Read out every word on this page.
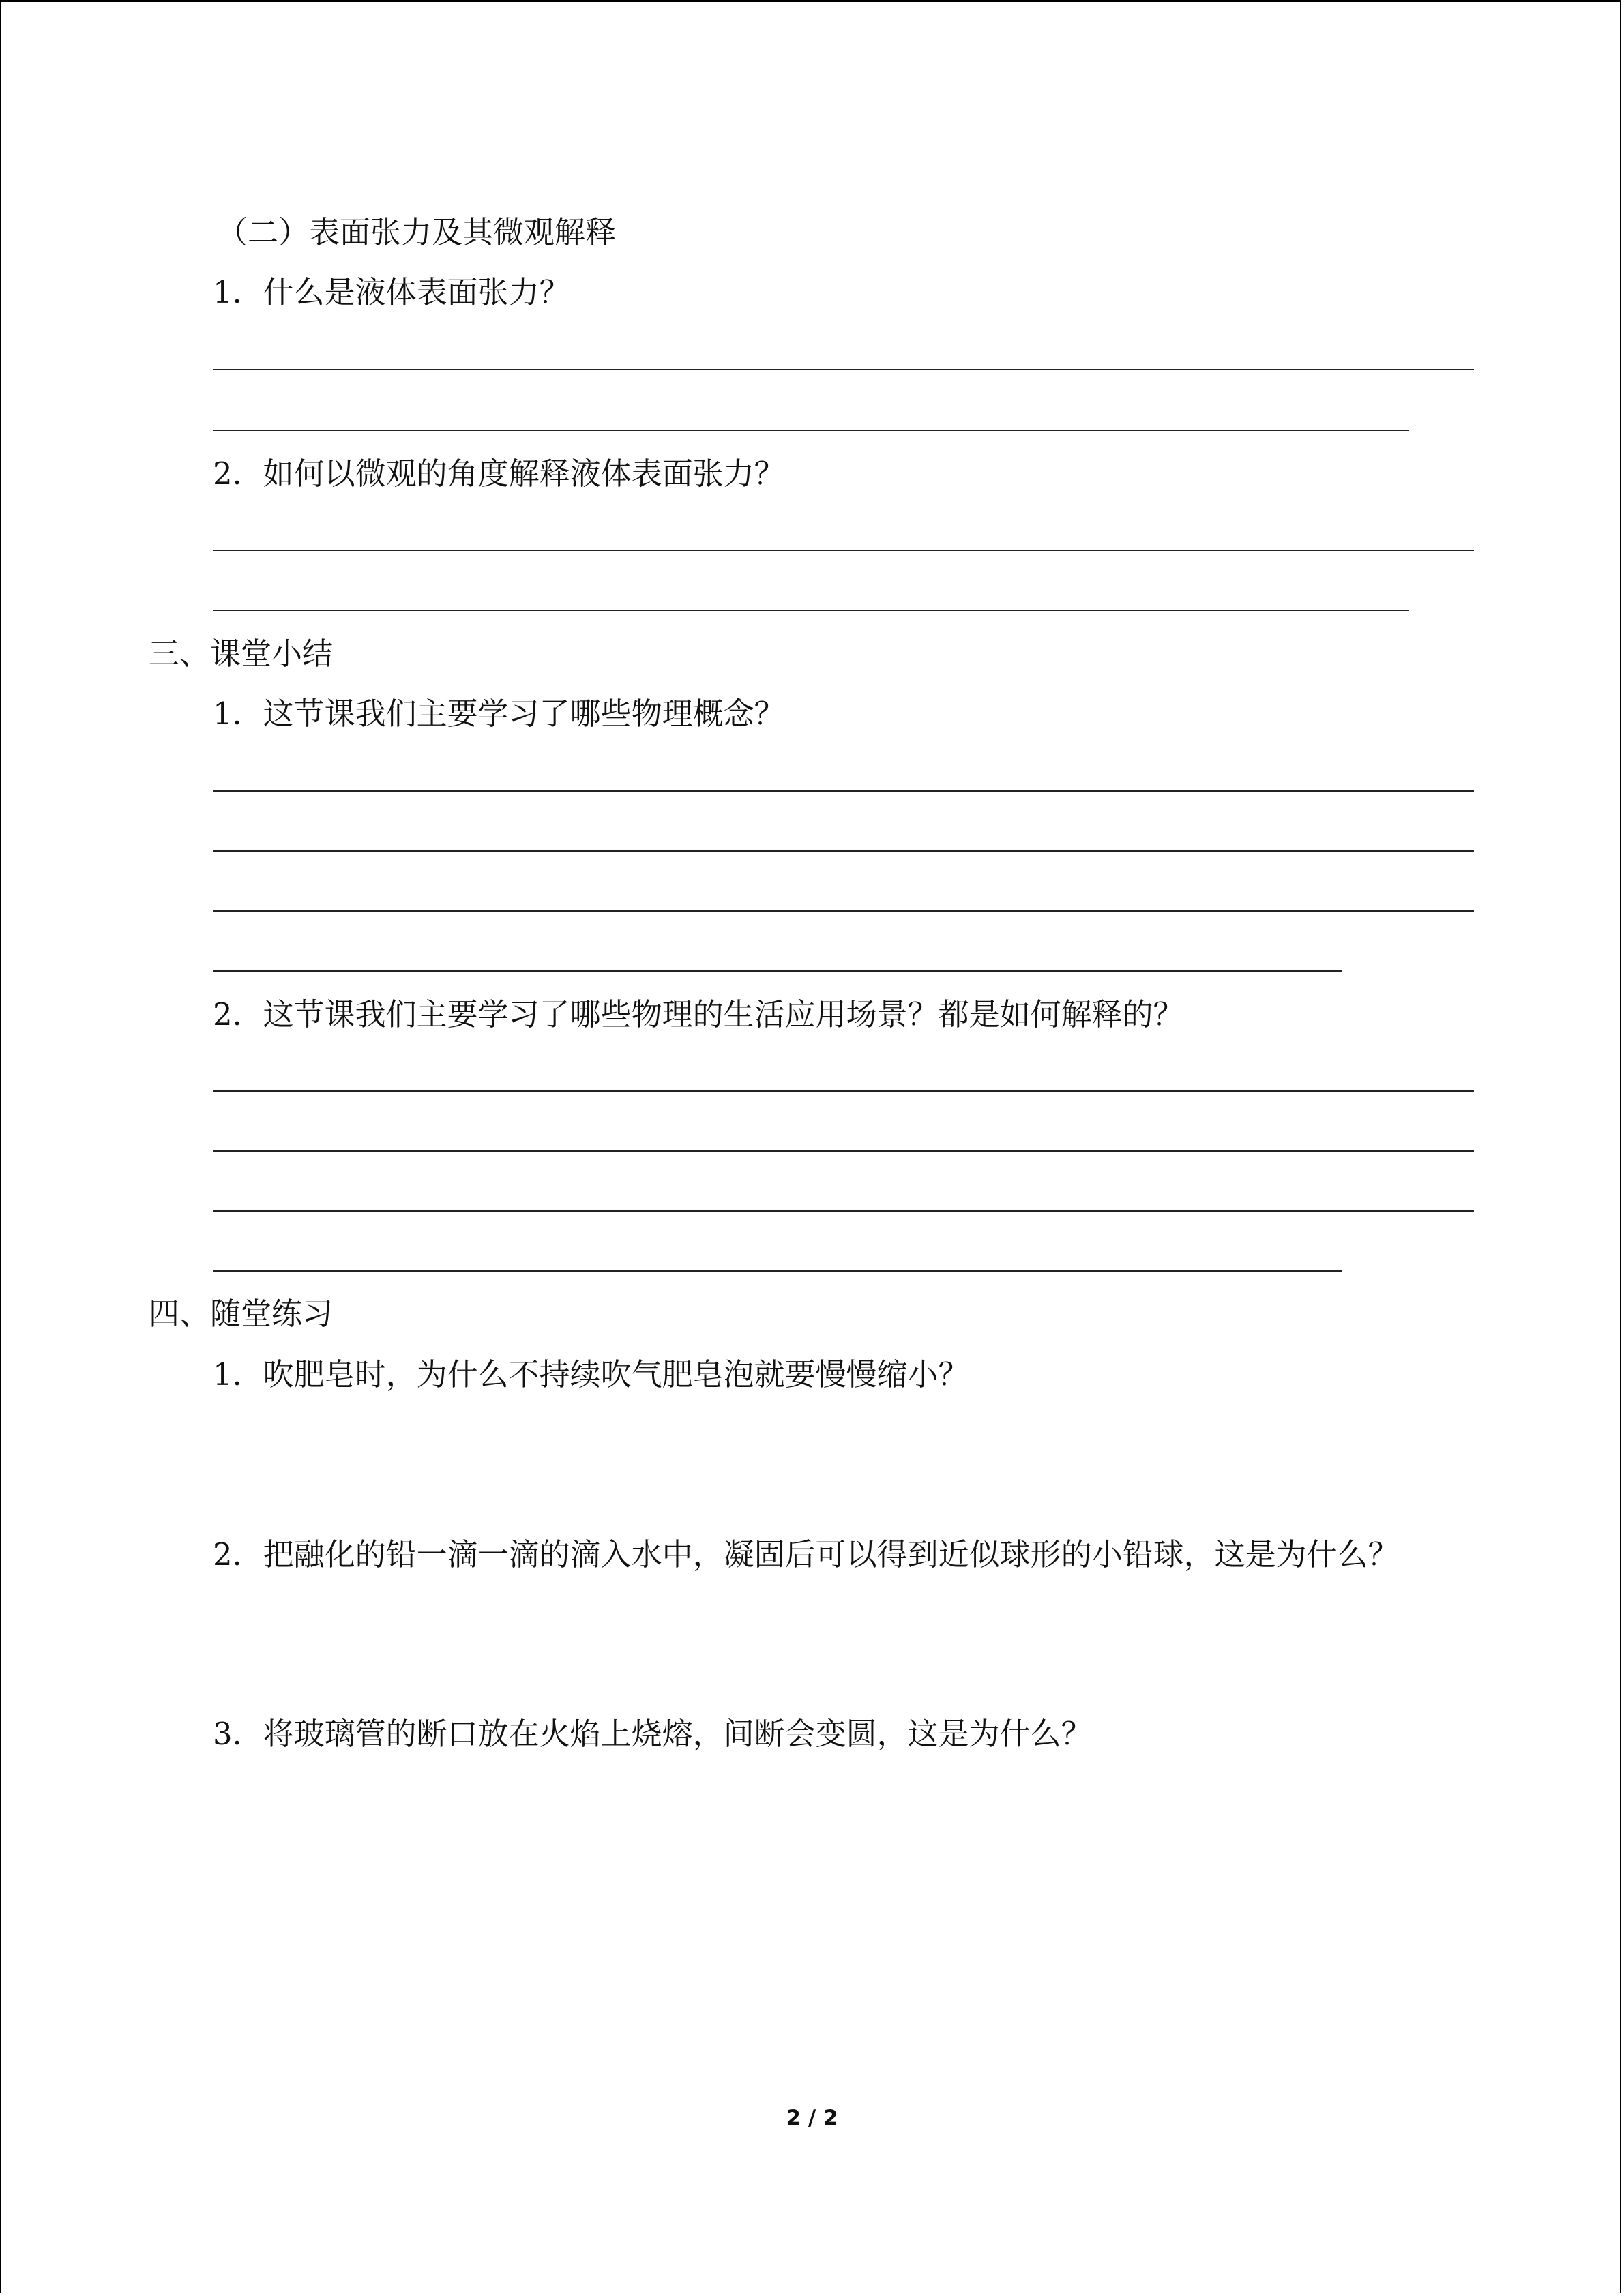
（二）表面张力及其微观解释
1．什么是液体表面张力？
2．如何以微观的角度解释液体表面张力？
三、课堂小结
1．这节课我们主要学习了哪些物理概念？
2．这节课我们主要学习了哪些物理的生活应用场景？都是如何解释的？
四、随堂练习
1．吹肥皂时，为什么不持续吹气肥皂泡就要慢慢缩小？
2．把融化的铅一滴一滴的滴入水中，凝固后可以得到近似球形的小铅球，这是为什么？
3．将玻璃管的断口放在火焰上烧熔，间断会变圆，这是为什么？
2 / 2
